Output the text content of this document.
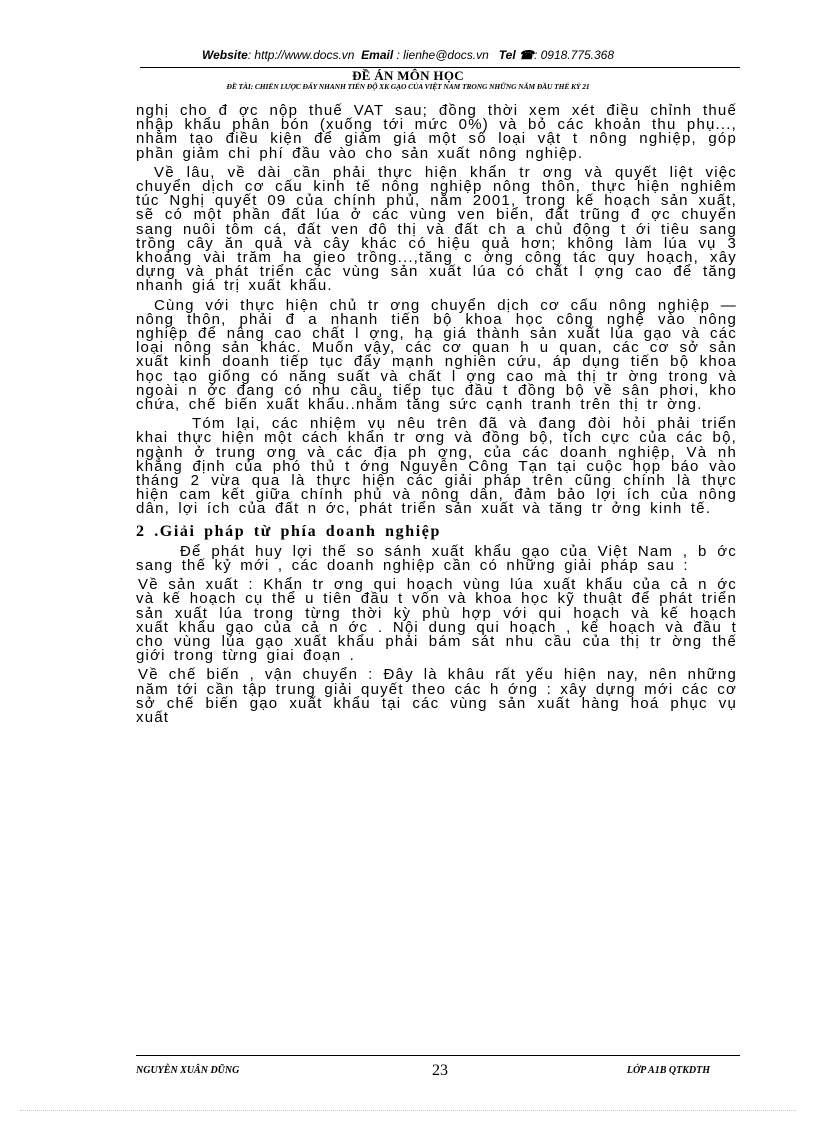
Website: http://www.docs.vn Email : lienhe@docs.vn Tel ☎: 0918.775.368
ĐỀ ÁN MÔN HỌC
ĐỀ TÀI: CHIẾN LƯỢC ĐẨY NHANH TIẾN ĐỘ XK GẠO CỦA VIỆT NAM TRONG NHỮNG NĂM ĐẦU THẾ KỶ 21

nghị cho đ ợc nộp thuế VAT sau; đồng thời xem xét điều chỉnh thuế nhập khẩu phân bón (xuống tới mức 0%) và bỏ các khoản thu phụ..., nhằm tạo điều kiện để giảm giá một số loại vật t nông nghiệp, góp phần giảm chi phí đầu vào cho sản xuất nông nghiệp.

Về lâu, về dài cần phải thực hiện khẩn tr ơng và quyết liệt việc chuyển dịch cơ cấu kinh tế nông nghiệp nông thôn, thực hiện nghiêm túc Nghị quyết 09 của chính phủ, năm 2001, trong kế hoạch sản xuất, sẽ có một phần đất lúa ở các vùng ven biển, đất trũng đ ợc chuyển sang nuôi tôm cá, đất ven đô thị và đất ch a chủ động t ới tiêu sang trồng cây ăn quả và cây khác có hiệu quả hơn; không làm lúa vụ 3 khoảng vài trăm ha gieo trồng...,tăng c ờng công tác quy hoạch, xây dựng và phát triển các vùng sản xuất lúa có chất l ợng cao để tăng nhanh giá trị xuất khẩu.

Cùng với thực hiện chủ tr ơng chuyển dịch cơ cấu nông nghiệp —nông thôn, phải đ a nhanh tiến bộ khoa học công nghệ vào nông nghiệp để nâng cao chất l ợng, hạ giá thành sản xuất lúa gạo và các loại nông sản khác. Muốn vậy, các cơ quan h u quan, các cơ sở sản xuất kinh doanh tiếp tục đẩy mạnh nghiên cứu, áp dụng tiến bộ khoa học tạo giống có năng suất và chất l ợng cao mà thị tr ờng trong và ngoài n ớc đang có nhu cầu, tiếp tục đầu t đồng bộ về sân phơi, kho chứa, chế biến xuất khẩu..nhằm tăng sức cạnh tranh trên thị tr ờng.

Tóm lại, các nhiệm vụ nêu trên đã và đang đòi hỏi phải triển khai thực hiện một cách khẩn tr ơng và đồng bộ, tích cực của các bộ, ngành ở trung ơng và các địa ph ơng, của các doanh nghiệp, Và nh khẳng định của phó thủ t ớng Nguyễn Công Tạn tại cuộc họp báo vào tháng 2 vừa qua là thực hiện các giải pháp trên cũng chính là thực hiện cam kết giữa chính phủ và nông dân, đảm bảo lợi ích của nông dân, lợi ích của đất n ớc, phát triển sản xuất và tăng tr ởng kinh tế.

2 .Giải pháp từ phía doanh nghiệp

Để phát huy lợi thế so sánh xuất khẩu gạo của Việt Nam , b ớc sang thế kỷ mới , các doanh nghiệp cần có những giải pháp sau :

Về sản xuất : Khẩn tr ơng qui hoạch vùng lúa xuất khẩu của cả n ớc và kế hoạch cụ thể u tiên đầu t vốn và khoa học kỹ thuật để phát triển sản xuất lúa trong từng thời kỳ phù hợp với qui hoạch và kế hoạch xuất khẩu gạo của cả n ớc . Nội dung qui hoạch , kế hoạch và đầu t cho vùng lúa gạo xuất khẩu phải bám sát nhu cầu của thị tr ờng thế giới trong từng giai đoạn .

Về chế biến , vận chuyển : Đây là khâu rất yếu hiện nay, nên những năm tới cần tập trung giải quyết theo các h ớng : xây dựng mới các cơ sở chế biến gạo xuất khẩu tại các vùng sản xuất hàng hoá phục vụ xuất

NGUYỄN XUÂN DŨNG	23	LỚP A1B QTKDTH
